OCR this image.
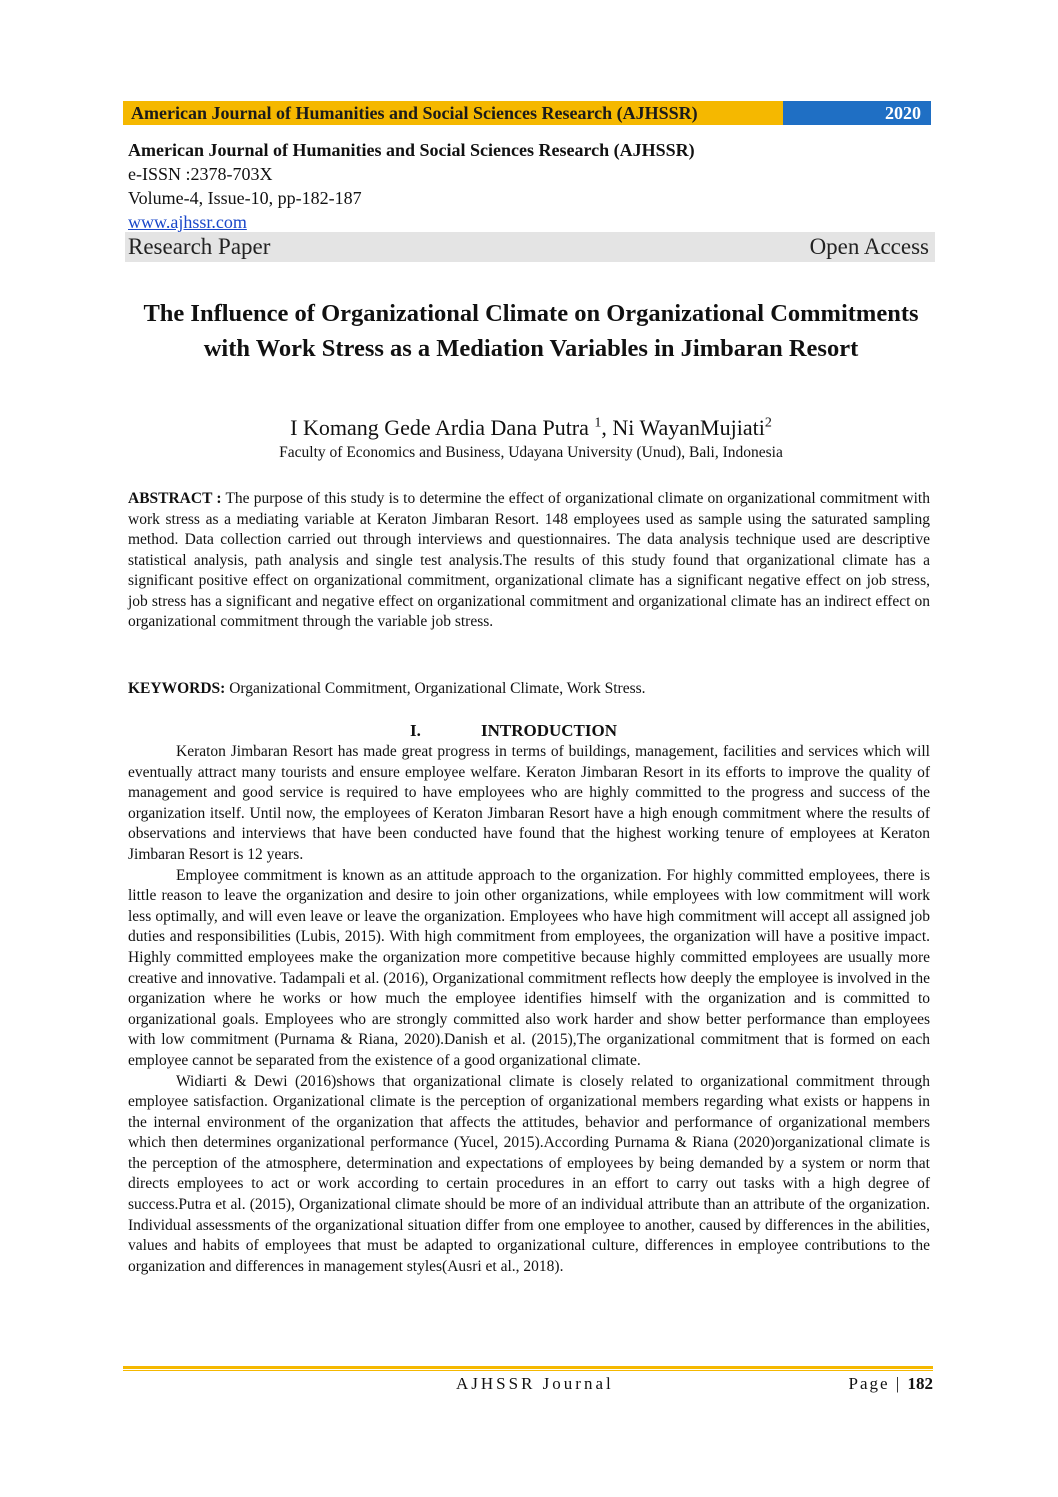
American Journal of Humanities and Social Sciences Research (AJHSSR)	2020
American Journal of Humanities and Social Sciences Research (AJHSSR)
e-ISSN :2378-703X
Volume-4, Issue-10, pp-182-187
www.ajhssr.com
Research Paper	Open Access
The Influence of Organizational Climate on Organizational Commitments with Work Stress as a Mediation Variables in Jimbaran Resort
I Komang Gede Ardia Dana Putra $^1$, Ni WayanMujiati$^2$
Faculty of Economics and Business, Udayana University (Unud), Bali, Indonesia
ABSTRACT : The purpose of this study is to determine the effect of organizational climate on organizational commitment with work stress as a mediating variable at Keraton Jimbaran Resort. 148 employees used as sample using the saturated sampling method. Data collection carried out through interviews and questionnaires. The data analysis technique used are descriptive statistical analysis, path analysis and single test analysis.The results of this study found that organizational climate has a significant positive effect on organizational commitment, organizational climate has a significant negative effect on job stress, job stress has a significant and negative effect on organizational commitment and organizational climate has an indirect effect on organizational commitment through the variable job stress.
KEYWORDS: Organizational Commitment, Organizational Climate, Work Stress.
I.	INTRODUCTION

Keraton Jimbaran Resort has made great progress in terms of buildings, management, facilities and services which will eventually attract many tourists and ensure employee welfare. Keraton Jimbaran Resort in its efforts to improve the quality of management and good service is required to have employees who are highly committed to the progress and success of the organization itself. Until now, the employees of Keraton Jimbaran Resort have a high enough commitment where the results of observations and interviews that have been conducted have found that the highest working tenure of employees at Keraton Jimbaran Resort is 12 years.

Employee commitment is known as an attitude approach to the organization. For highly committed employees, there is little reason to leave the organization and desire to join other organizations, while employees with low commitment will work less optimally, and will even leave or leave the organization. Employees who have high commitment will accept all assigned job duties and responsibilities (Lubis, 2015). With high commitment from employees, the organization will have a positive impact. Highly committed employees make the organization more competitive because highly committed employees are usually more creative and innovative. Tadampali et al. (2016), Organizational commitment reflects how deeply the employee is involved in the organization where he works or how much the employee identifies himself with the organization and is committed to organizational goals. Employees who are strongly committed also work harder and show better performance than employees with low commitment (Purnama & Riana, 2020).Danish et al. (2015),The organizational commitment that is formed on each employee cannot be separated from the existence of a good organizational climate.

Widiarti & Dewi (2016)shows that organizational climate is closely related to organizational commitment through employee satisfaction. Organizational climate is the perception of organizational members regarding what exists or happens in the internal environment of the organization that affects the attitudes, behavior and performance of organizational members which then determines organizational performance (Yucel, 2015).According Purnama & Riana (2020)organizational climate is the perception of the atmosphere, determination and expectations of employees by being demanded by a system or norm that directs employees to act or work according to certain procedures in an effort to carry out tasks with a high degree of success.Putra et al. (2015), Organizational climate should be more of an individual attribute than an attribute of the organization. Individual assessments of the organizational situation differ from one employee to another, caused by differences in the abilities, values and habits of employees that must be adapted to organizational culture, differences in employee contributions to the organization and differences in management styles(Ausri et al., 2018).

AJHSSR Journal	Page | 182
